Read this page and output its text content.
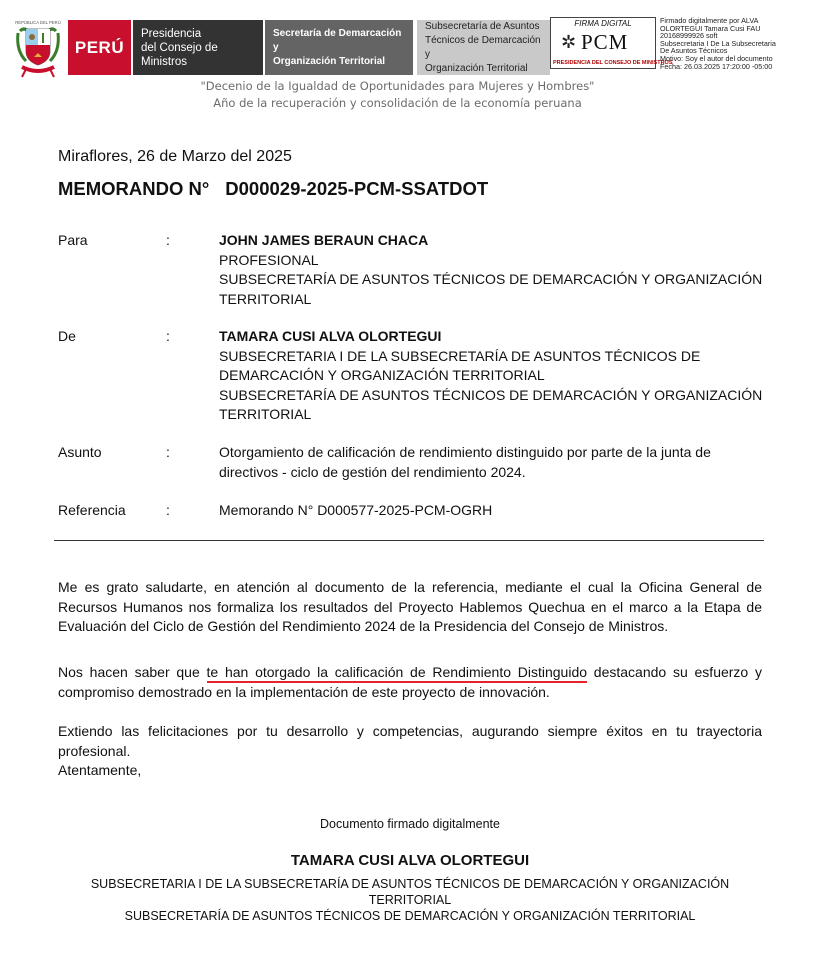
REPÚBLICA DEL PERÚ
PERÚ
Presidencia
del Consejo de Ministros
Secretaría de Demarcación y
Organización Territorial
Subsecretaría de Asuntos
Técnicos de Demarcación y
Organización Territorial
FIRMA DIGITAL
✲ PCM
PRESIDENCIA DEL CONSEJO DE MINISTROS
Firmado digitalmente por ALVA
OLORTEGUI Tamara Cusi FAU
20168999926 soft
Subsecretaria I De La Subsecretaria
De Asuntos Técnicos
Motivo: Soy el autor del documento
Fecha: 26.03.2025 17:20:00 -05:00
"Decenio de la Igualdad de Oportunidades para Mujeres y Hombres"
Año de la recuperación y consolidación de la economía peruana
Miraflores, 26 de Marzo del 2025
MEMORANDO N° D000029-2025-PCM-SSATDOT
Para	:	JOHN JAMES BERAUN CHACA
PROFESIONAL
SUBSECRETARÍA DE ASUNTOS TÉCNICOS DE DEMARCACIÓN Y ORGANIZACIÓN
TERRITORIAL
De	:	TAMARA CUSI ALVA OLORTEGUI
SUBSECRETARIA I DE LA SUBSECRETARÍA DE ASUNTOS TÉCNICOS DE
DEMARCACIÓN Y ORGANIZACIÓN TERRITORIAL
SUBSECRETARÍA DE ASUNTOS TÉCNICOS DE DEMARCACIÓN Y ORGANIZACIÓN
TERRITORIAL
Asunto	:	Otorgamiento de calificación de rendimiento distinguido por parte de la junta de
directivos - ciclo de gestión del rendimiento 2024.
Referencia	:	Memorando N° D000577-2025-PCM-OGRH
Me es grato saludarte, en atención al documento de la referencia, mediante el cual la Oficina General de Recursos Humanos nos formaliza los resultados del Proyecto Hablemos Quechua en el marco a la Etapa de Evaluación del Ciclo de Gestión del Rendimiento 2024 de la Presidencia del Consejo de Ministros.
Nos hacen saber que te han otorgado la calificación de Rendimiento Distinguido destacando su esfuerzo y compromiso demostrado en la implementación de este proyecto de innovación.
Extiendo las felicitaciones por tu desarrollo y competencias, augurando siempre éxitos en tu trayectoria profesional.
Atentamente,
Documento firmado digitalmente
TAMARA CUSI ALVA OLORTEGUI
SUBSECRETARIA I DE LA SUBSECRETARÍA DE ASUNTOS TÉCNICOS DE DEMARCACIÓN Y ORGANIZACIÓN
TERRITORIAL
SUBSECRETARÍA DE ASUNTOS TÉCNICOS DE DEMARCACIÓN Y ORGANIZACIÓN TERRITORIAL
